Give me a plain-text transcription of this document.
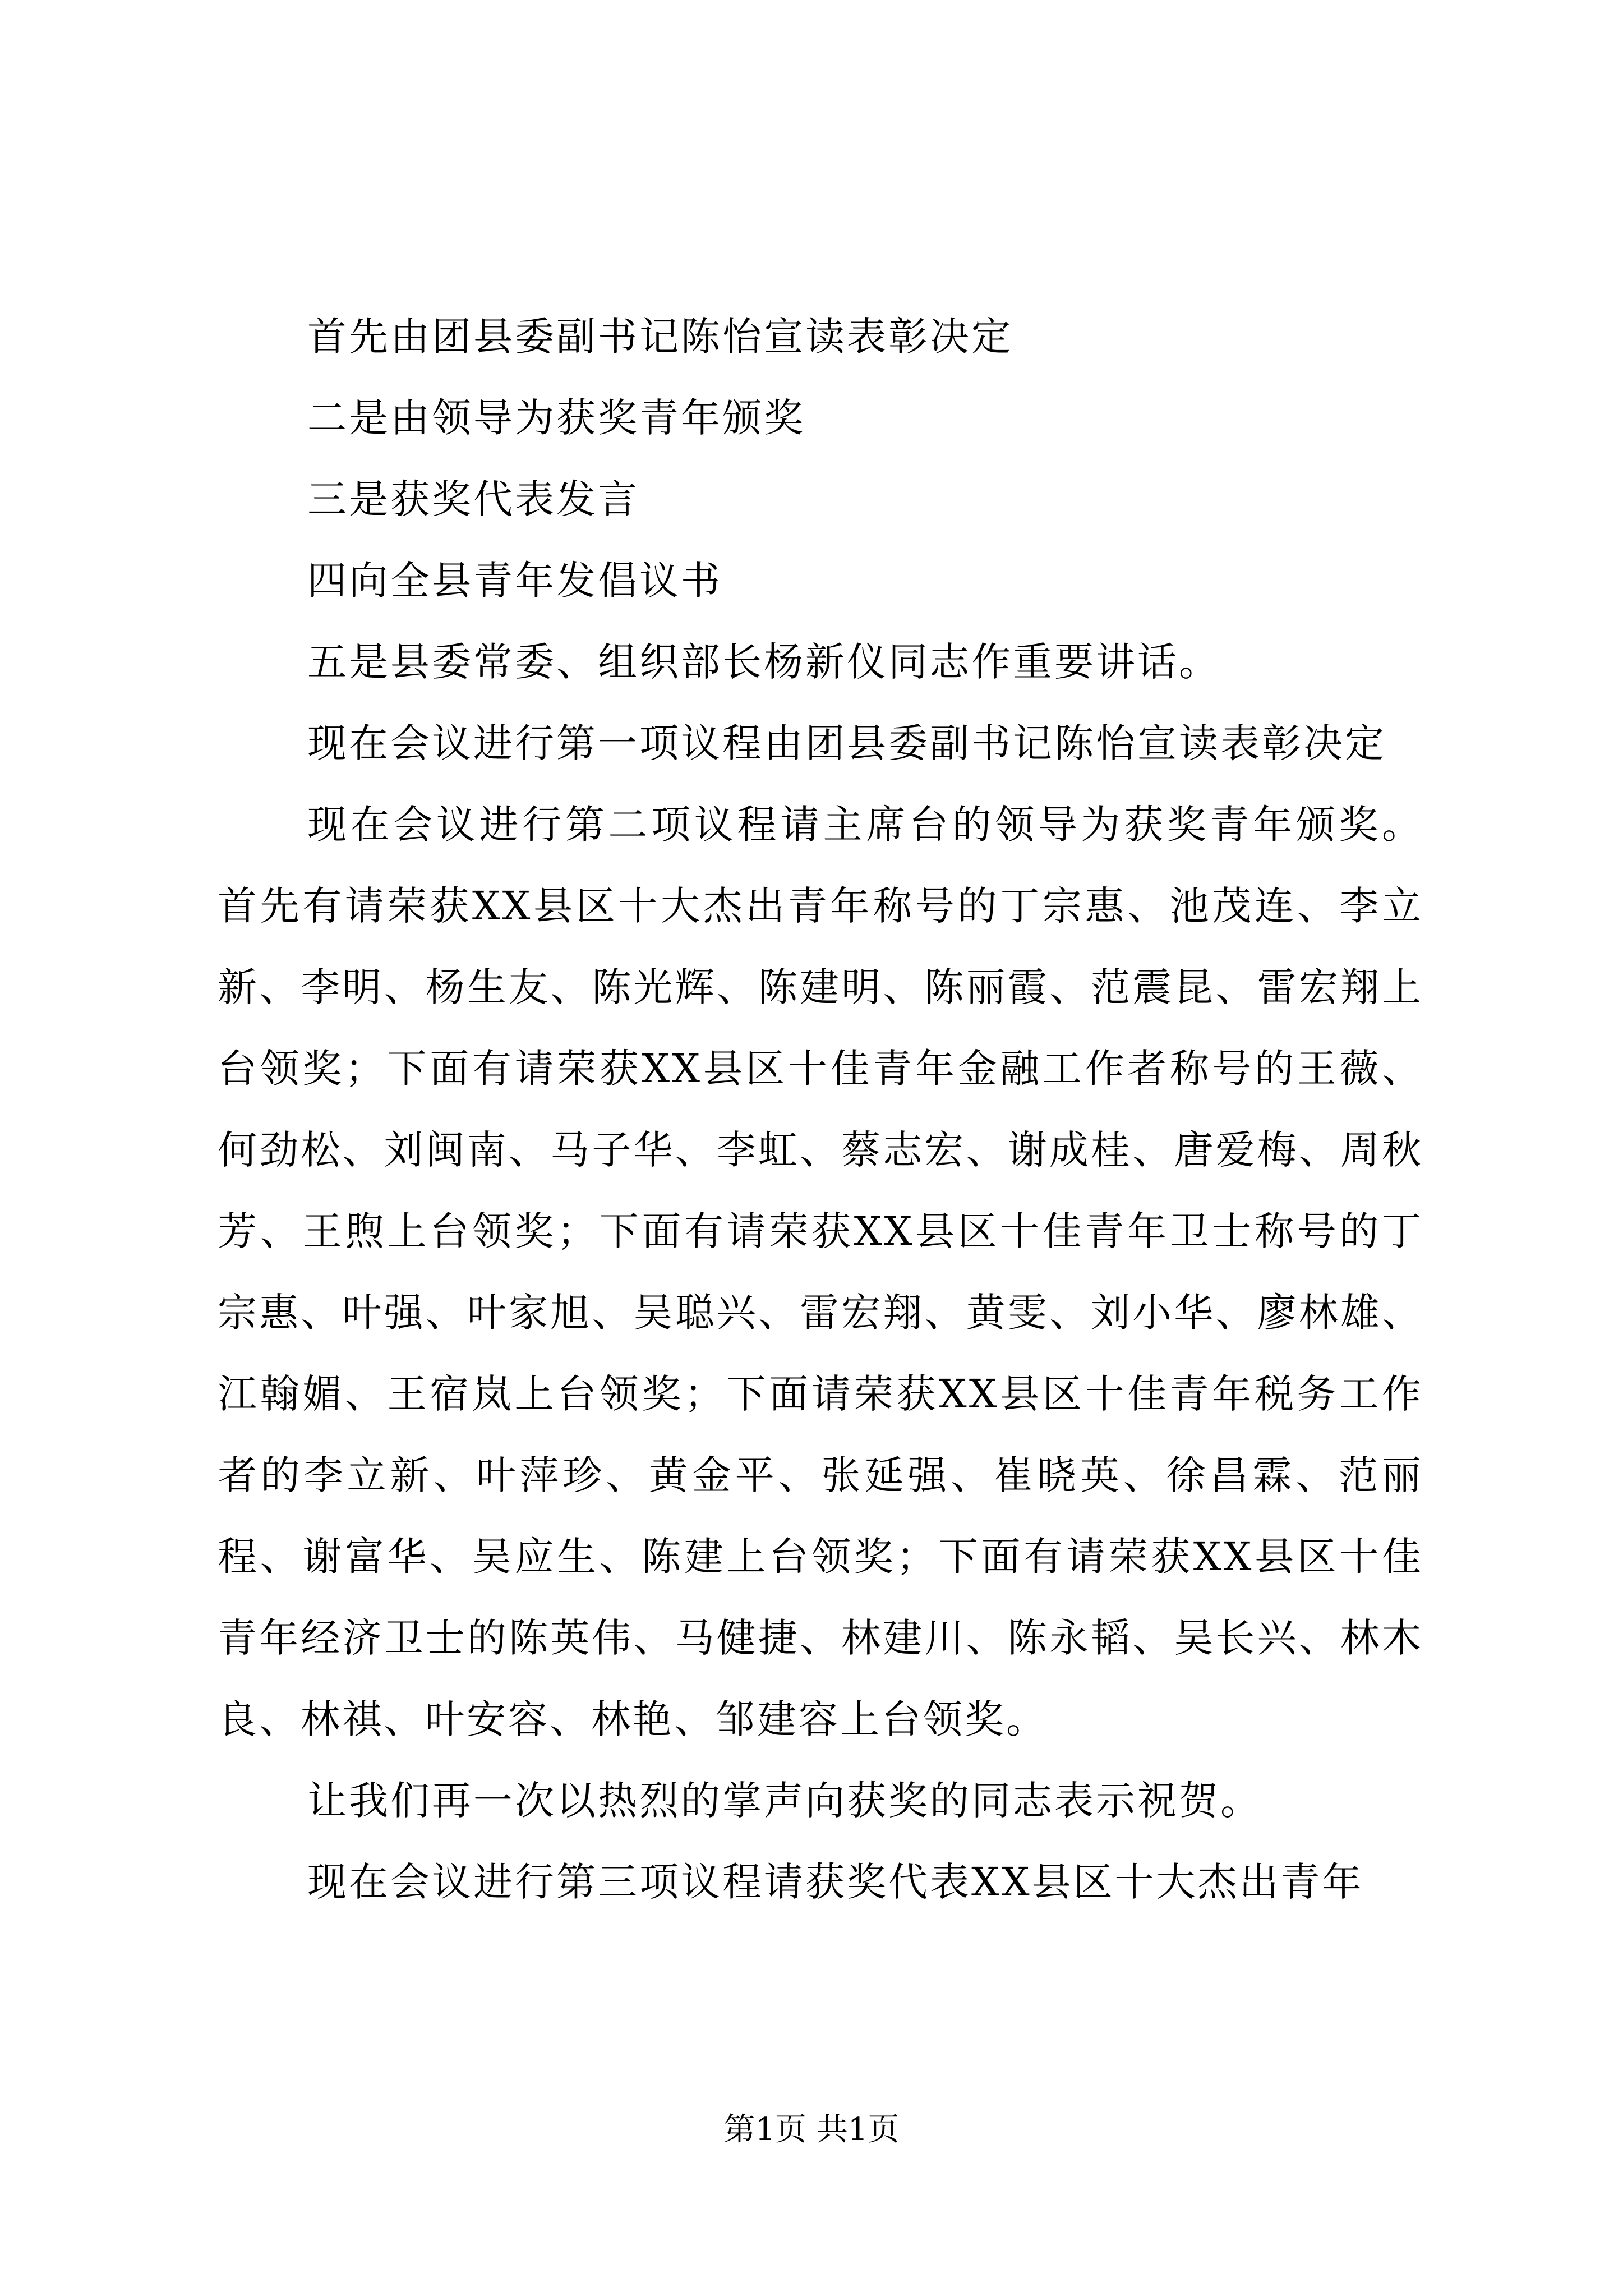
首先由团县委副书记陈怡宣读表彰决定

二是由领导为获奖青年颁奖

三是获奖代表发言

四向全县青年发倡议书

五是县委常委、组织部长杨新仪同志作重要讲话。

现在会议进行第一项议程由团县委副书记陈怡宣读表彰决定

现在会议进行第二项议程请主席台的领导为获奖青年颁奖。首先有请荣获XX县区十大杰出青年称号的丁宗惠、池茂连、李立新、李明、杨生友、陈光辉、陈建明、陈丽霞、范震昆、雷宏翔上台领奖；下面有请荣获XX县区十佳青年金融工作者称号的王薇、何劲松、刘闽南、马子华、李虹、蔡志宏、谢成桂、唐爱梅、周秋芳、王煦上台领奖；下面有请荣获XX县区十佳青年卫士称号的丁宗惠、叶强、叶家旭、吴聪兴、雷宏翔、黄雯、刘小华、廖林雄、江翰媚、王宿岚上台领奖；下面请荣获XX县区十佳青年税务工作者的李立新、叶萍珍、黄金平、张延强、崔晓英、徐昌霖、范丽程、谢富华、吴应生、陈建上台领奖；下面有请荣获XX县区十佳青年经济卫士的陈英伟、马健捷、林建川、陈永韬、吴长兴、林木良、林祺、叶安容、林艳、邹建容上台领奖。

让我们再一次以热烈的掌声向获奖的同志表示祝贺。

现在会议进行第三项议程请获奖代表XX县区十大杰出青年

第1页 共1页
